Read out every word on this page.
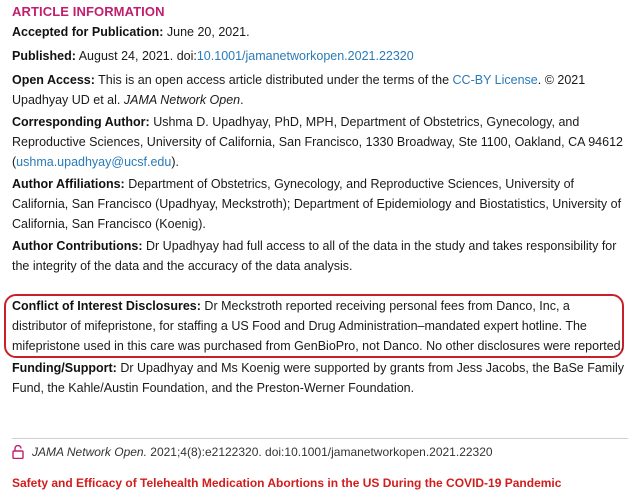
ARTICLE INFORMATION

Accepted for Publication: June 20, 2021.

Published: August 24, 2021. doi:10.1001/jamanetworkopen.2021.22320

Open Access: This is an open access article distributed under the terms of the CC-BY License. © 2021 Upadhyay UD et al. JAMA Network Open.

Corresponding Author: Ushma D. Upadhyay, PhD, MPH, Department of Obstetrics, Gynecology, and Reproductive Sciences, University of California, San Francisco, 1330 Broadway, Ste 1100, Oakland, CA 94612 (ushma.upadhyay@ucsf.edu).

Author Affiliations: Department of Obstetrics, Gynecology, and Reproductive Sciences, University of California, San Francisco (Upadhyay, Meckstroth); Department of Epidemiology and Biostatistics, University of California, San Francisco (Koenig).

Author Contributions: Dr Upadhyay had full access to all of the data in the study and takes responsibility for the integrity of the data and the accuracy of the data analysis.

Conflict of Interest Disclosures: Dr Meckstroth reported receiving personal fees from Danco, Inc, a distributor of mifepristone, for staffing a US Food and Drug Administration–mandated expert hotline. The mifepristone used in this care was purchased from GenBioPro, not Danco. No other disclosures were reported.

Funding/Support: Dr Upadhyay and Ms Koenig were supported by grants from Jess Jacobs, the BaSe Family Fund, the Kahle/Austin Foundation, and the Preston-Werner Foundation.

JAMA Network Open.
2021;4(8):e2122320. doi:10.1001/jamanetworkopen.2021.22320
Safety and Efficacy of Telehealth Medication Abortions in the US During the COVID-19 Pandemic
